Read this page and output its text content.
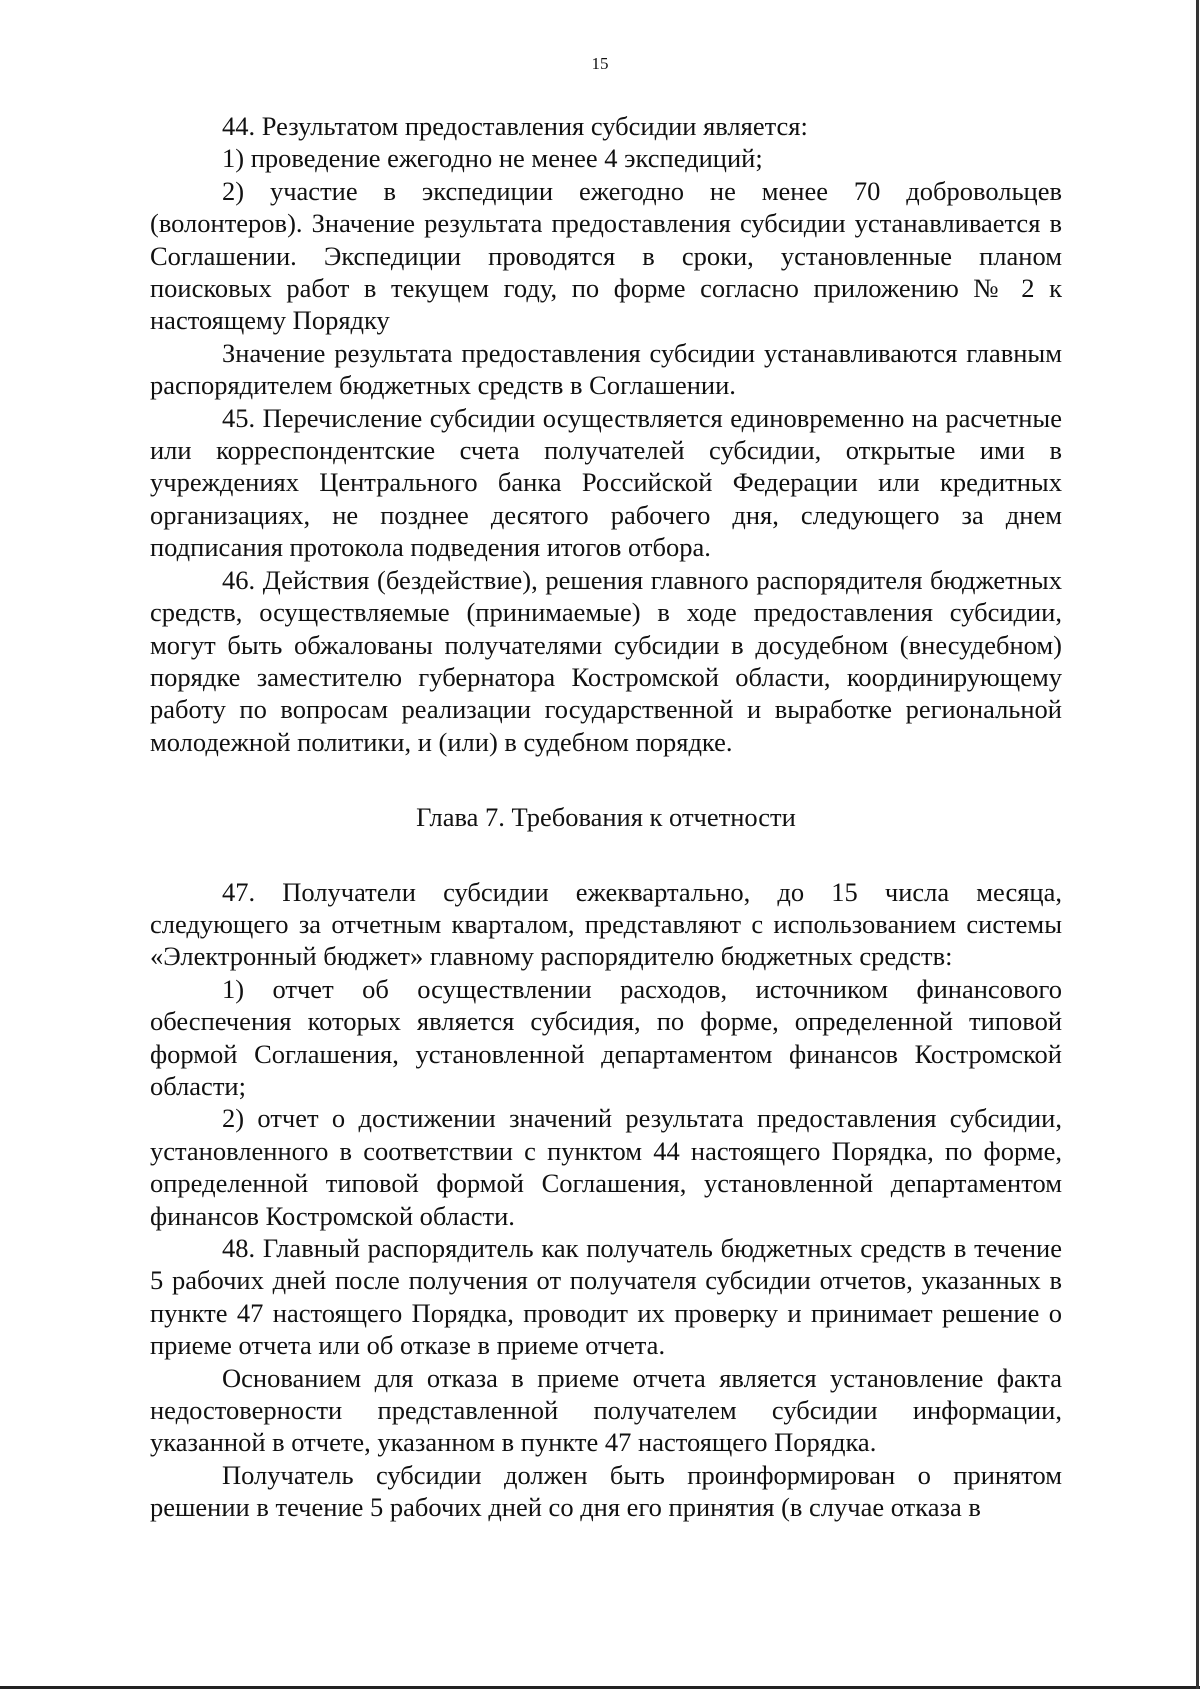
15

44. Результатом предоставления субсидии является:

1) проведение ежегодно не менее 4 экспедиций;

2) участие в экспедиции ежегодно не менее 70 добровольцев (волонтеров). Значение результата предоставления субсидии устанавливается в Соглашении. Экспедиции проводятся в сроки, установленные планом поисковых работ в текущем году, по форме согласно приложению № 2 к настоящему Порядку

Значение результата предоставления субсидии устанавливаются главным распорядителем бюджетных средств в Соглашении.

45. Перечисление субсидии осуществляется единовременно на расчетные или корреспондентские счета получателей субсидии, открытые ими в учреждениях Центрального банка Российской Федерации или кредитных организациях, не позднее десятого рабочего дня, следующего за днем подписания протокола подведения итогов отбора.

46. Действия (бездействие), решения главного распорядителя бюджетных средств, осуществляемые (принимаемые) в ходе предоставления субсидии, могут быть обжалованы получателями субсидии в досудебном (внесудебном) порядке заместителю губернатора Костромской области, координирующему работу по вопросам реализации государственной и выработке региональной молодежной политики, и (или) в судебном порядке.

Глава 7. Требования к отчетности

47. Получатели субсидии ежеквартально, до 15 числа месяца, следующего за отчетным кварталом, представляют с использованием системы «Электронный бюджет» главному распорядителю бюджетных средств:

1) отчет об осуществлении расходов, источником финансового обеспечения которых является субсидия, по форме, определенной типовой формой Соглашения, установленной департаментом финансов Костромской области;

2) отчет о достижении значений результата предоставления субсидии, установленного в соответствии с пунктом 44 настоящего Порядка, по форме, определенной типовой формой Соглашения, установленной департаментом финансов Костромской области.

48. Главный распорядитель как получатель бюджетных средств в течение 5 рабочих дней после получения от получателя субсидии отчетов, указанных в пункте 47 настоящего Порядка, проводит их проверку и принимает решение о приеме отчета или об отказе в приеме отчета.

Основанием для отказа в приеме отчета является установление факта недостоверности представленной получателем субсидии информации, указанной в отчете, указанном в пункте 47 настоящего Порядка.

Получатель субсидии должен быть проинформирован о принятом решении в течение 5 рабочих дней со дня его принятия (в случае отказа в
